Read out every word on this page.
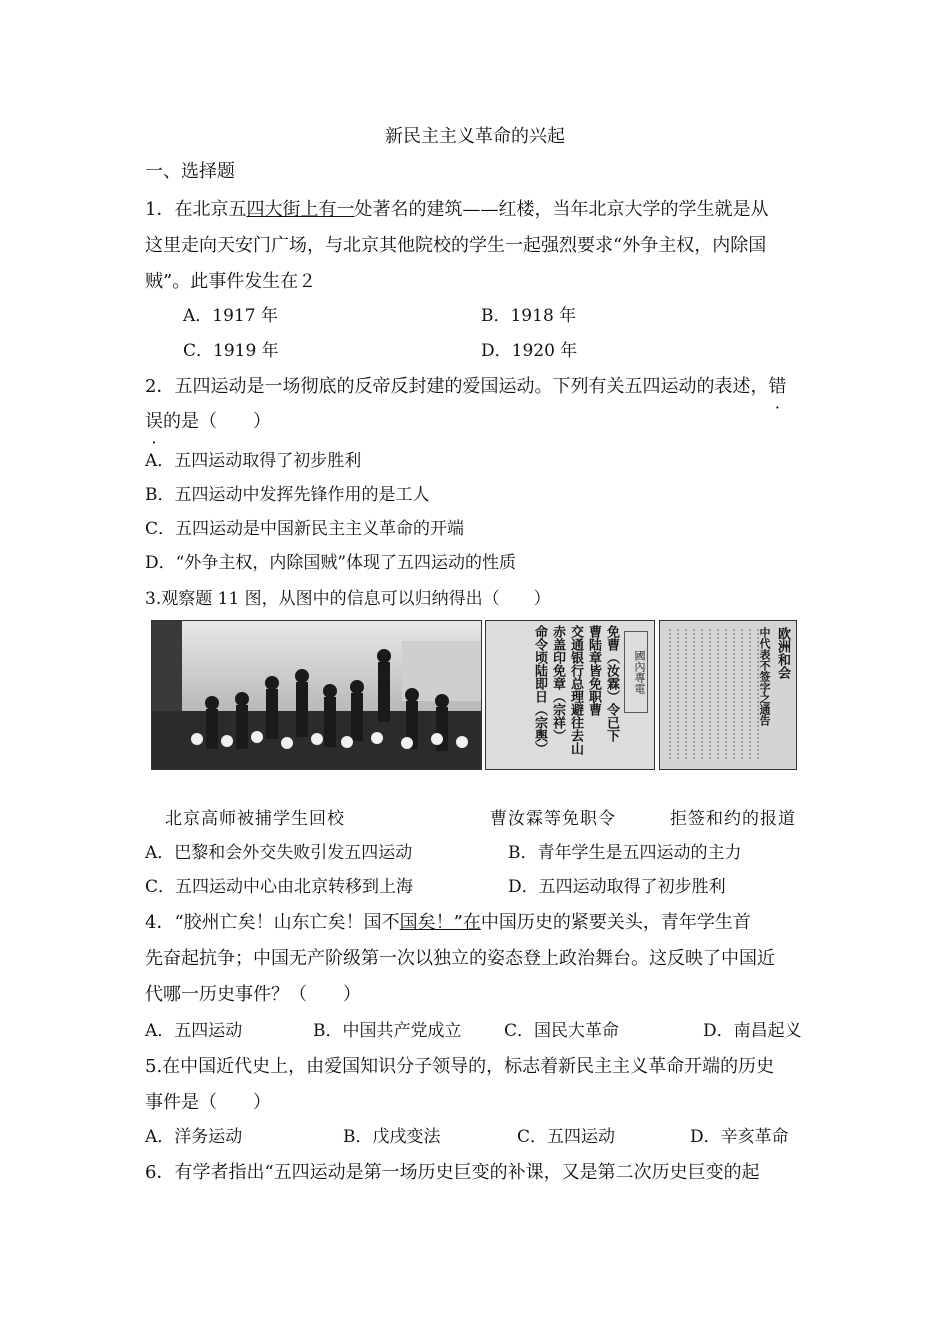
新民主主义革命的兴起
一、选择题
1．在北京五四大街上有一处著名的建筑——红楼，当年北京大学的学生就是从
这里走向天安门广场，与北京其他院校的学生一起强烈要求“外争主权，内除国
贼”。此事件发生在２
A．1917 年	B．1918 年
C．1919 年	D．1920 年
2．五四运动是一场彻底的反帝反封建的爱国运动。下列有关五四运动的表述，错
误的是（　　）
A．五四运动取得了初步胜利
B．五四运动中发挥先锋作用的是工人
C．五四运动是中国新民主主义革命的开端
D．“外争主权，内除国贼”体现了五四运动的性质
3.观察题 11 图，从图中的信息可以归纳得出（　　）
國內專電
免曹（汝霖）令已下曹陆章皆免职曹交通银行总理避往去山赤盖印免章（宗祥）命令顷陆即日（宗舆）
欧洲和会
中代表不签字之通告
北京高师被捕学生回校	曹汝霖等免职令	拒签和约的报道
A．巴黎和会外交失败引发五四运动	B．青年学生是五四运动的主力
C．五四运动中心由北京转移到上海	D．五四运动取得了初步胜利
4．“胶州亡矣！山东亡矣！国不国矣！”在中国历史的紧要关头，青年学生首
先奋起抗争；中国无产阶级第一次以独立的姿态登上政治舞台。这反映了中国近
代哪一历史事件？（　　）
A．五四运动	B．中国共产党成立	C．国民大革命	D．南昌起义
5.在中国近代史上，由爱国知识分子领导的，标志着新民主主义革命开端的历史
事件是（　　）
A．洋务运动	B．戊戌变法	C．五四运动	D．辛亥革命
6．有学者指出“五四运动是第一场历史巨变的补课，又是第二次历史巨变的起
